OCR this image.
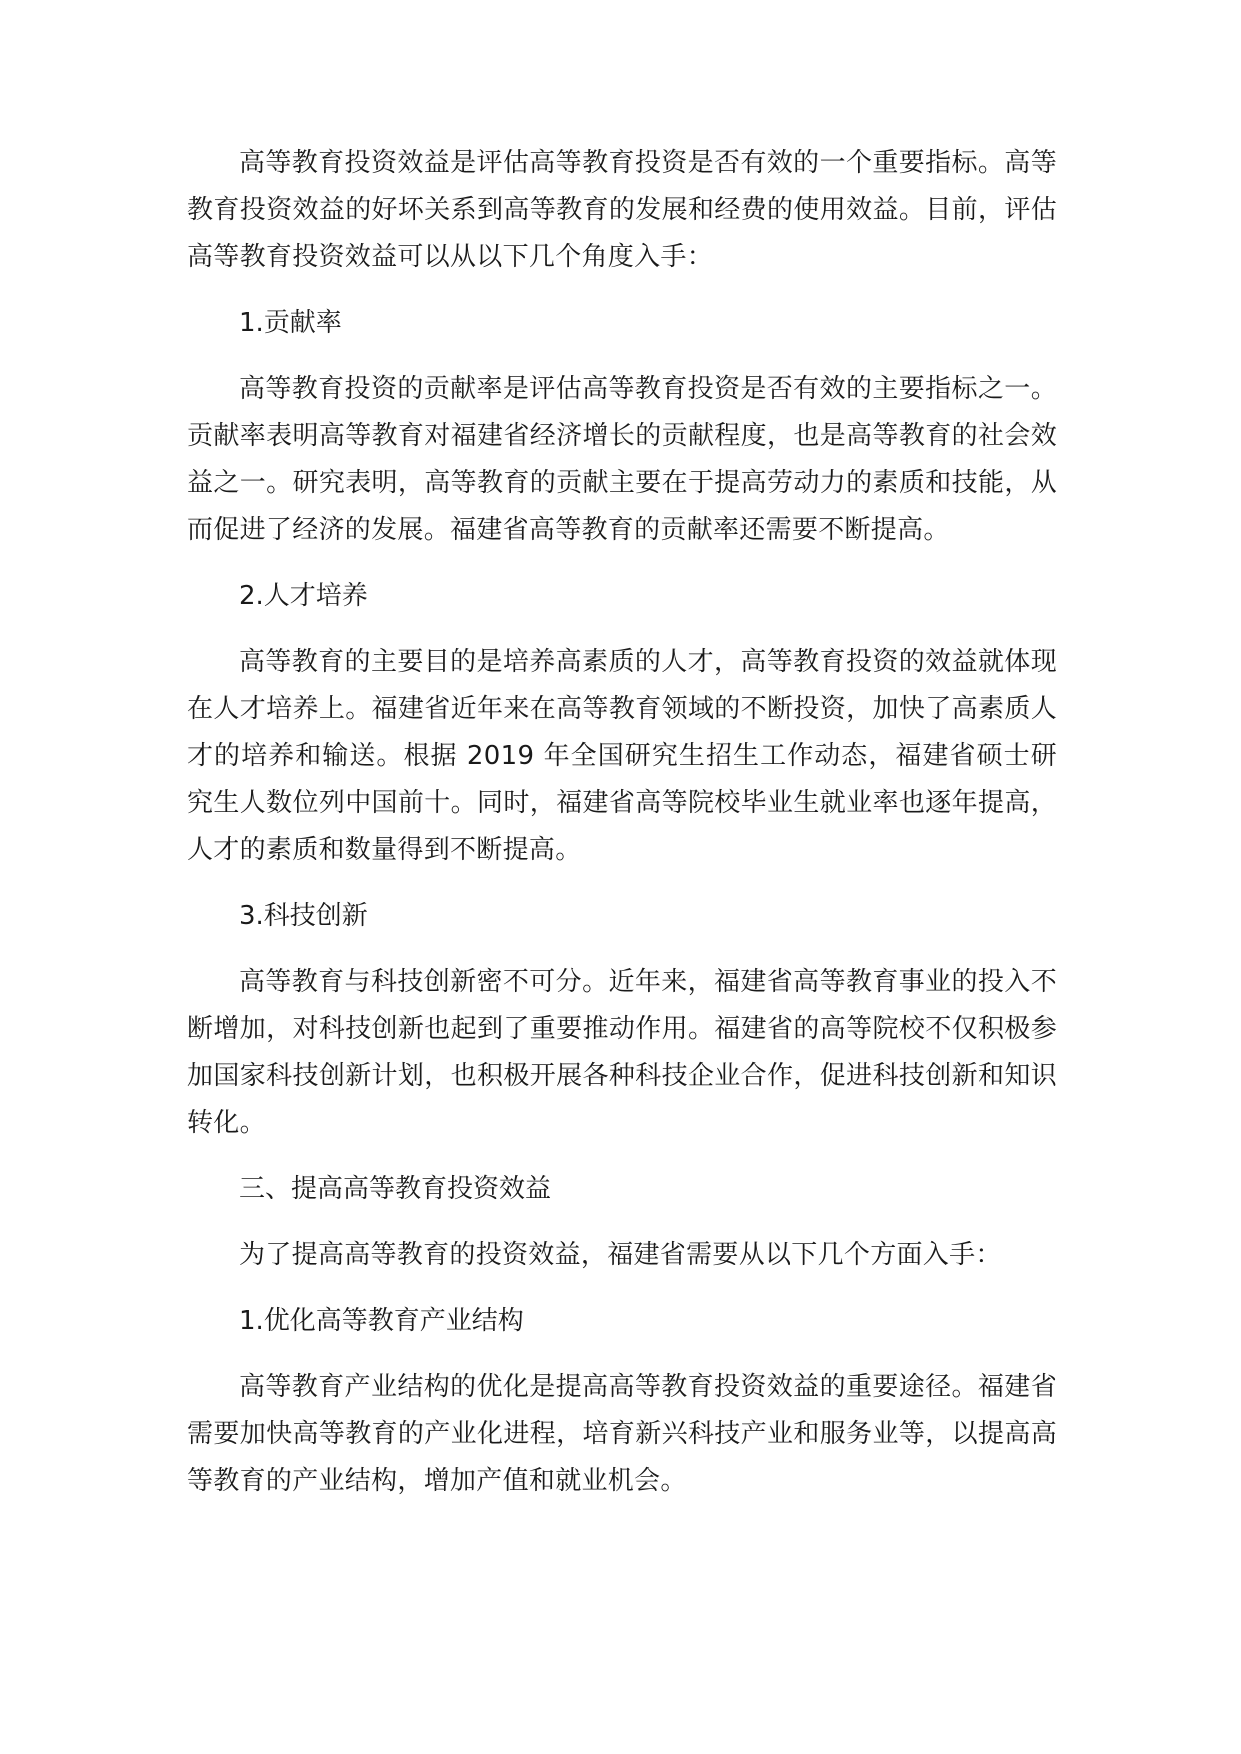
高等教育投资效益是评估高等教育投资是否有效的一个重要指标。高等教育投资效益的好坏关系到高等教育的发展和经费的使用效益。目前，评估高等教育投资效益可以从以下几个角度入手：

1.贡献率

高等教育投资的贡献率是评估高等教育投资是否有效的主要指标之一。贡献率表明高等教育对福建省经济增长的贡献程度，也是高等教育的社会效益之一。研究表明，高等教育的贡献主要在于提高劳动力的素质和技能，从而促进了经济的发展。福建省高等教育的贡献率还需要不断提高。

2.人才培养

高等教育的主要目的是培养高素质的人才，高等教育投资的效益就体现在人才培养上。福建省近年来在高等教育领域的不断投资，加快了高素质人才的培养和输送。根据 2019 年全国研究生招生工作动态，福建省硕士研究生人数位列中国前十。同时，福建省高等院校毕业生就业率也逐年提高，人才的素质和数量得到不断提高。

3.科技创新

高等教育与科技创新密不可分。近年来，福建省高等教育事业的投入不断增加，对科技创新也起到了重要推动作用。福建省的高等院校不仅积极参加国家科技创新计划，也积极开展各种科技企业合作，促进科技创新和知识转化。

三、提高高等教育投资效益

为了提高高等教育的投资效益，福建省需要从以下几个方面入手：

1.优化高等教育产业结构

高等教育产业结构的优化是提高高等教育投资效益的重要途径。福建省需要加快高等教育的产业化进程，培育新兴科技产业和服务业等，以提高高等教育的产业结构，增加产值和就业机会。
